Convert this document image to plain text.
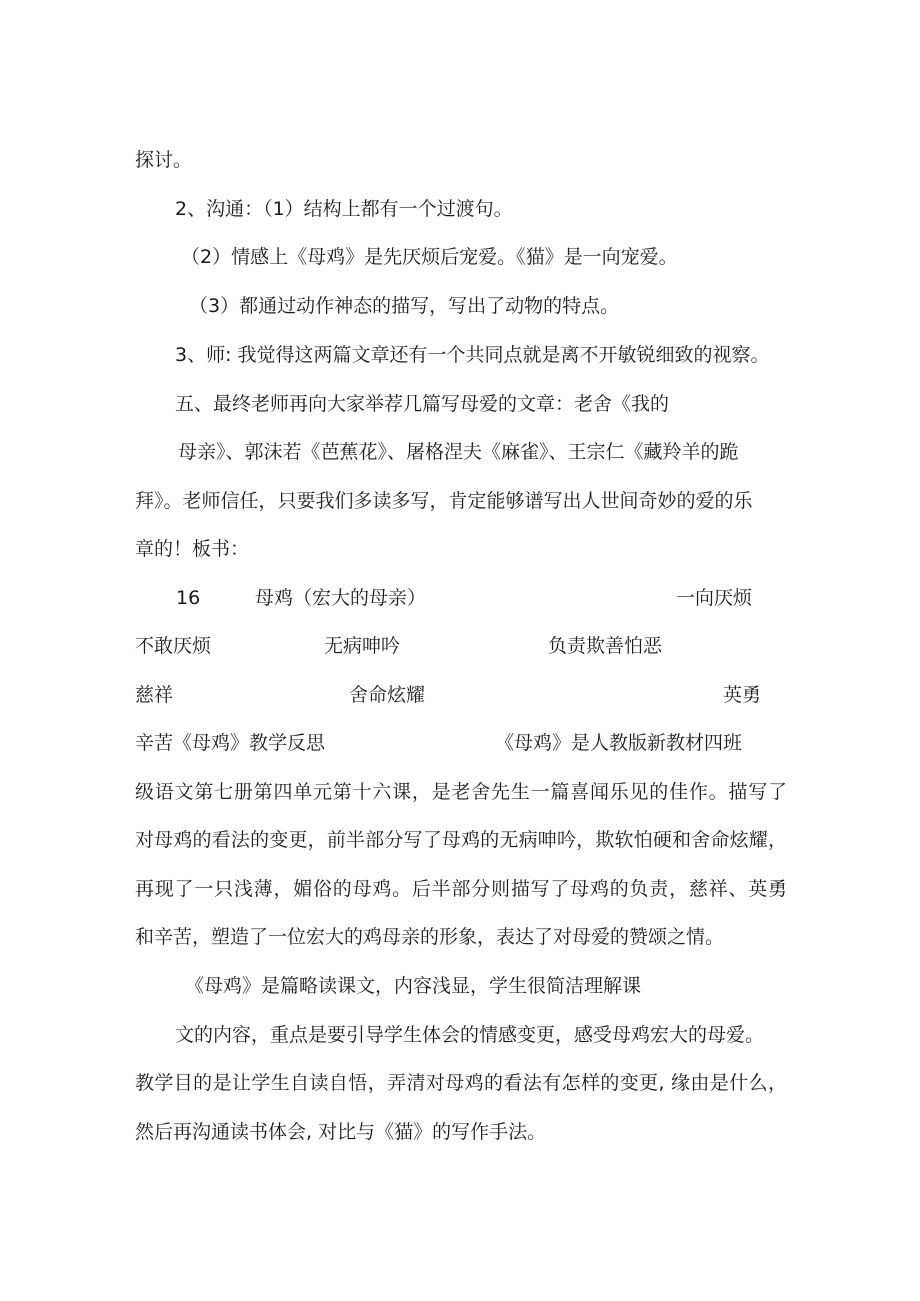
探讨。
2、沟通：（1）结构上都有一个过渡句。
（2）情感上《母鸡》是先厌烦后宠爱。《猫》是一向宠爱。
（3）都通过动作神态的描写，写出了动物的特点。
3、师: 我觉得这两篇文章还有一个共同点就是离不开敏锐细致的视察。
五、最终老师再向大家举荐几篇写母爱的文章：老舍《我的
母亲》、郭沫若《芭蕉花》、屠格涅夫《麻雀》、王宗仁《藏羚羊的跪
拜》。老师信任，只要我们多读多写，肯定能够谱写出人世间奇妙的爱的乐
章的！板书：
16	母鸡（宏大的母亲）	一向厌烦
不敢厌烦	无病呻吟	负责欺善怕恶
慈祥	舍命炫耀	英勇
辛苦《母鸡》教学反思	《母鸡》是人教版新教材四班
级语文第七册第四单元第十六课，是老舍先生一篇喜闻乐见的佳作。描写了
对母鸡的看法的变更，前半部分写了母鸡的无病呻吟，欺软怕硬和舍命炫耀，
再现了一只浅薄，媚俗的母鸡。后半部分则描写了母鸡的负责，慈祥、英勇
和辛苦，塑造了一位宏大的鸡母亲的形象，表达了对母爱的赞颂之情。
《母鸡》是篇略读课文，内容浅显，学生很简洁理解课
文的内容，重点是要引导学生体会的情感变更，感受母鸡宏大的母爱。
教学目的是让学生自读自悟，弄清对母鸡的看法有怎样的变更, 缘由是什么，
然后再沟通读书体会, 对比与《猫》的写作手法。
